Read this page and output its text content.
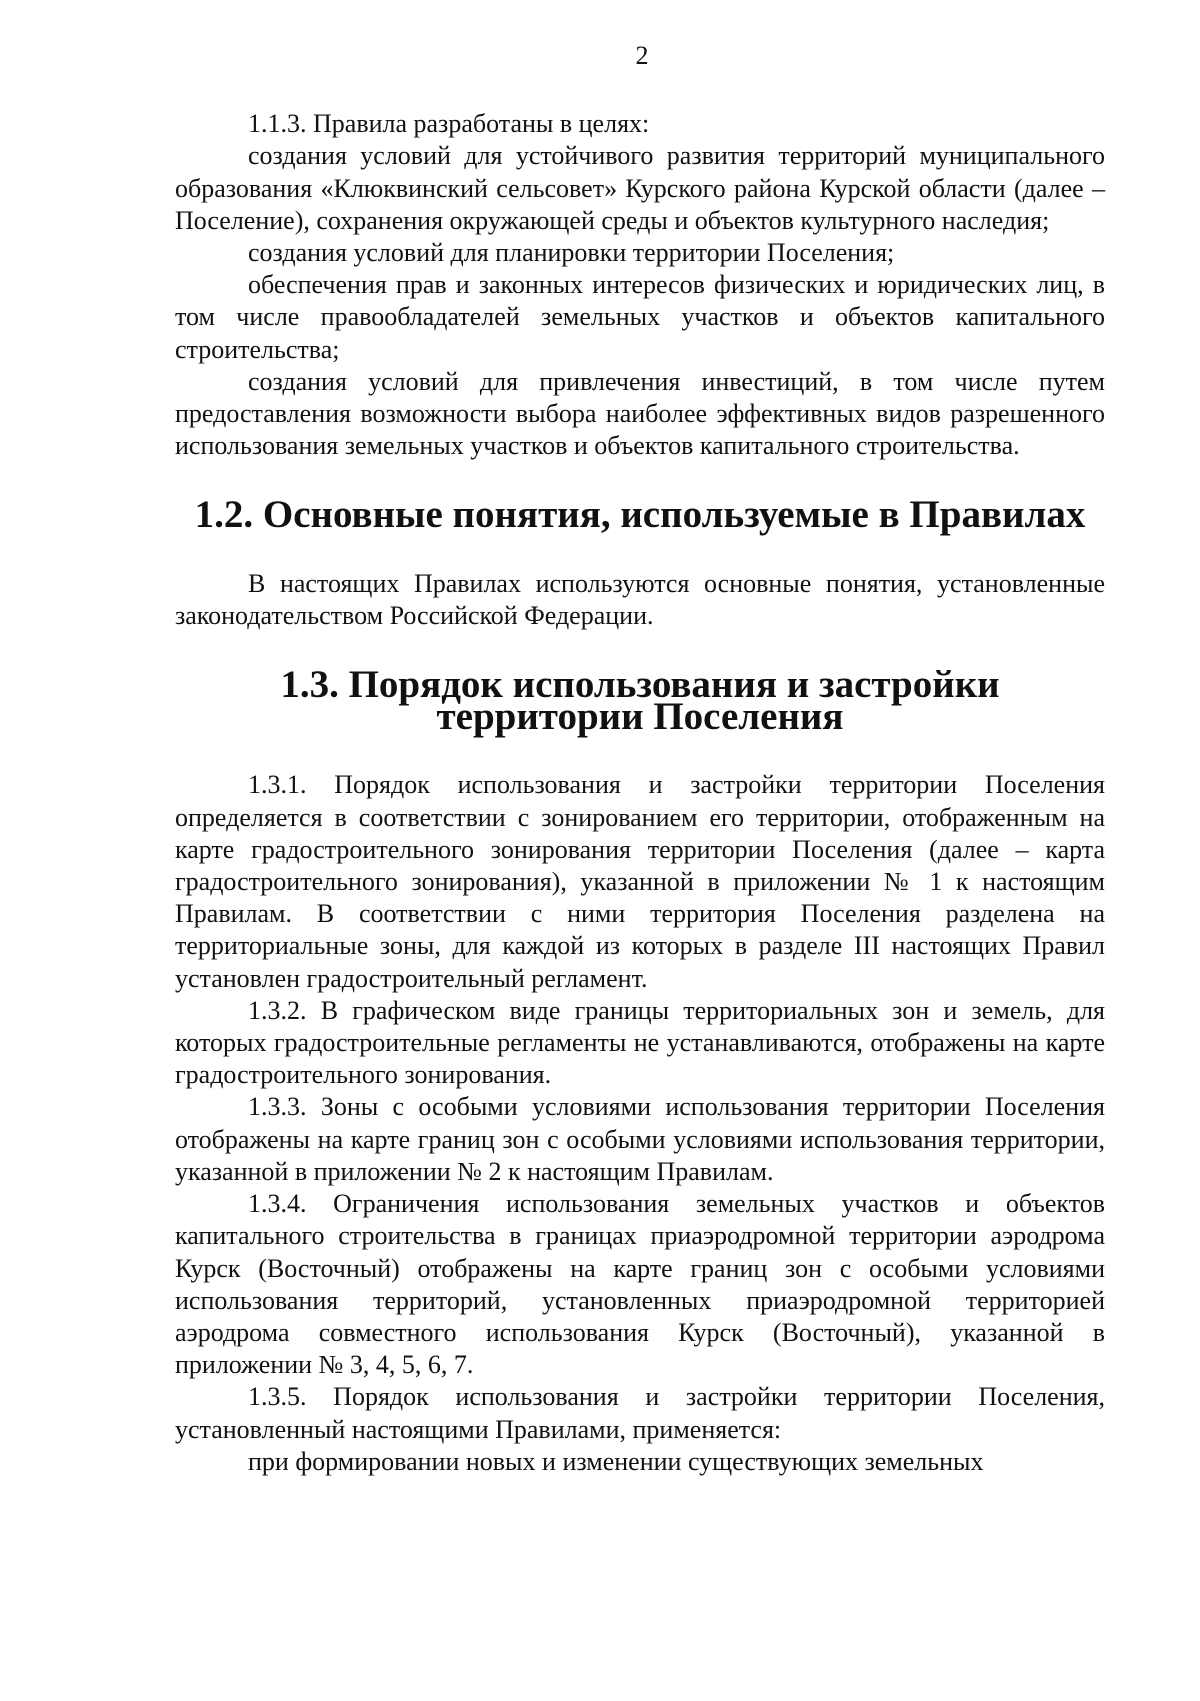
2

1.1.3. Правила разработаны в целях:

создания условий для устойчивого развития территорий муниципального образования «Клюквинский сельсовет» Курского района Курской области (далее – Поселение), сохранения окружающей среды и объектов культурного наследия;

создания условий для планировки территории Поселения;

обеспечения прав и законных интересов физических и юридических лиц, в том числе правообладателей земельных участков и объектов капитального строительства;

создания условий для привлечения инвестиций, в том числе путем предоставления возможности выбора наиболее эффективных видов разрешенного использования земельных участков и объектов капитального строительства.

1.2. Основные понятия, используемые в Правилах

В настоящих Правилах используются основные понятия, установленные законодательством Российской Федерации.

1.3. Порядок использования и застройки территории Поселения

1.3.1. Порядок использования и застройки территории Поселения определяется в соответствии с зонированием его территории, отображенным на карте градостроительного зонирования территории Поселения (далее – карта градостроительного зонирования), указанной в приложении № 1 к настоящим Правилам. В соответствии с ними территория Поселения разделена на территориальные зоны, для каждой из которых в разделе III настоящих Правил установлен градостроительный регламент.

1.3.2. В графическом виде границы территориальных зон и земель, для которых градостроительные регламенты не устанавливаются, отображены на карте градостроительного зонирования.

1.3.3. Зоны с особыми условиями использования территории Поселения отображены на карте границ зон с особыми условиями использования территории, указанной в приложении № 2 к настоящим Правилам.

1.3.4. Ограничения использования земельных участков и объектов капитального строительства в границах приаэродромной территории аэродрома Курск (Восточный) отображены на карте границ зон с особыми условиями использования территорий, установленных приаэродромной территорией аэродрома совместного использования Курск (Восточный), указанной в приложении № 3, 4, 5, 6, 7.

1.3.5. Порядок использования и застройки территории Поселения, установленный настоящими Правилами, применяется:

при формировании новых и изменении существующих земельных
